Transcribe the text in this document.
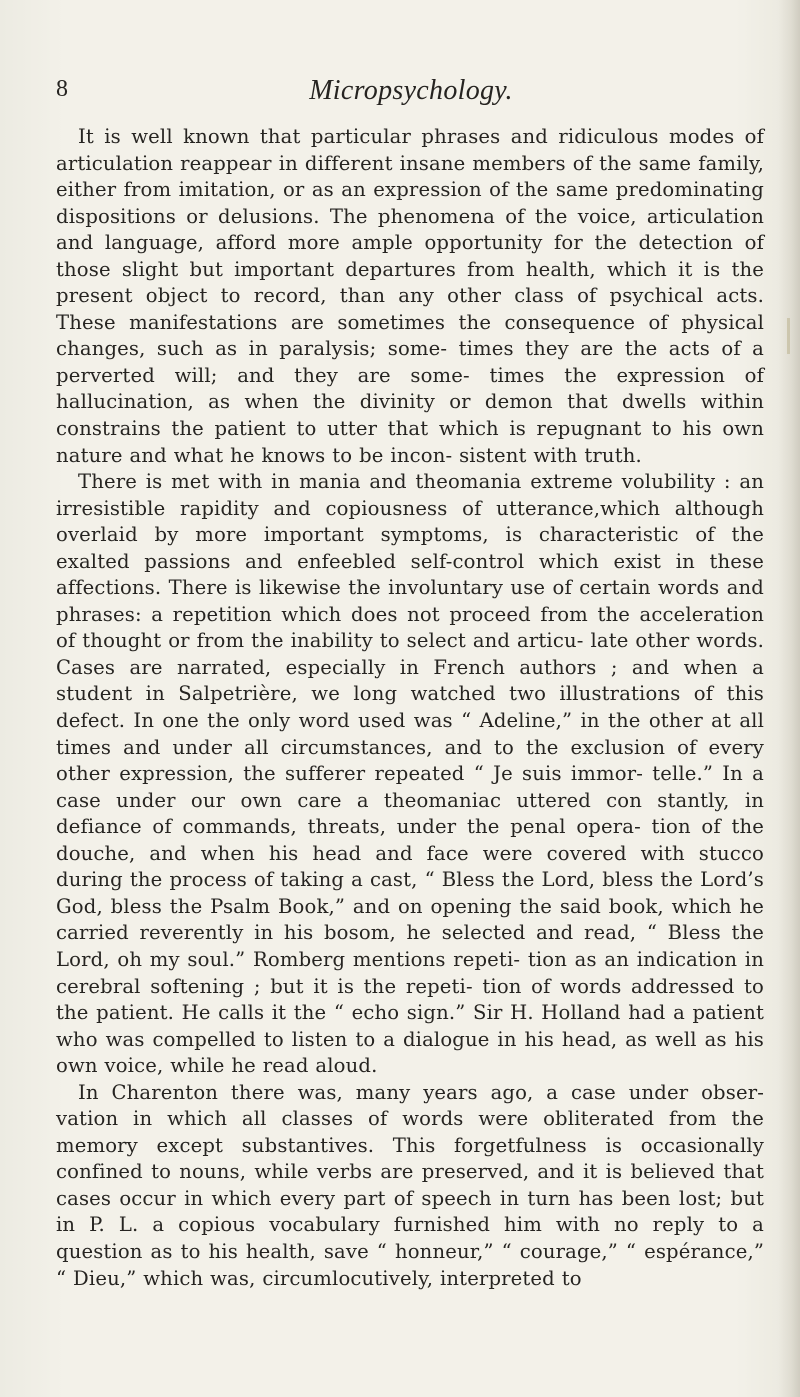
8	Micropsychology.

It is well known that particular phrases and ridiculous modes of articulation reappear in different insane members of the same family, either from imitation, or as an expression of the same predominating dispositions or delusions. The phenomena of the voice, articulation and language, afford more ample opportunity for the detection of those slight but important departures from health, which it is the present object to record, than any other class of psychical acts. These manifestations are sometimes the consequence of physical changes, such as in paralysis; some- times they are the acts of a perverted will; and they are some- times the expression of hallucination, as when the divinity or demon that dwells within constrains the patient to utter that which is repugnant to his own nature and what he knows to be incon- sistent with truth.

There is met with in mania and theomania extreme volubility : an irresistible rapidity and copiousness of utterance,which although overlaid by more important symptoms, is characteristic of the exalted passions and enfeebled self-control which exist in these affections. There is likewise the involuntary use of certain words and phrases: a repetition which does not proceed from the acceleration of thought or from the inability to select and articu- late other words. Cases are narrated, especially in French authors ; and when a student in Salpetrière, we long watched two illustrations of this defect. In one the only word used was “ Adeline,” in the other at all times and under all circumstances, and to the exclusion of every other expression, the sufferer repeated “ Je suis immor- telle.” In a case under our own care a theomaniac uttered con stantly, in defiance of commands, threats, under the penal opera- tion of the douche, and when his head and face were covered with stucco during the process of taking a cast, “ Bless the Lord, bless the Lord’s God, bless the Psalm Book,” and on opening the said book, which he carried reverently in his bosom, he selected and read, “ Bless the Lord, oh my soul.” Romberg mentions repeti- tion as an indication in cerebral softening ; but it is the repeti- tion of words addressed to the patient. He calls it the “ echo sign.” Sir H. Holland had a patient who was compelled to listen to a dialogue in his head, as well as his own voice, while he read aloud.

In Charenton there was, many years ago, a case under obser- vation in which all classes of words were obliterated from the memory except substantives. This forgetfulness is occasionally confined to nouns, while verbs are preserved, and it is believed that cases occur in which every part of speech in turn has been lost; but in P. L. a copious vocabulary furnished him with no reply to a question as to his health, save “ honneur,” “ courage,” “ espérance,” “ Dieu,” which was, circumlocutively, interpreted to
